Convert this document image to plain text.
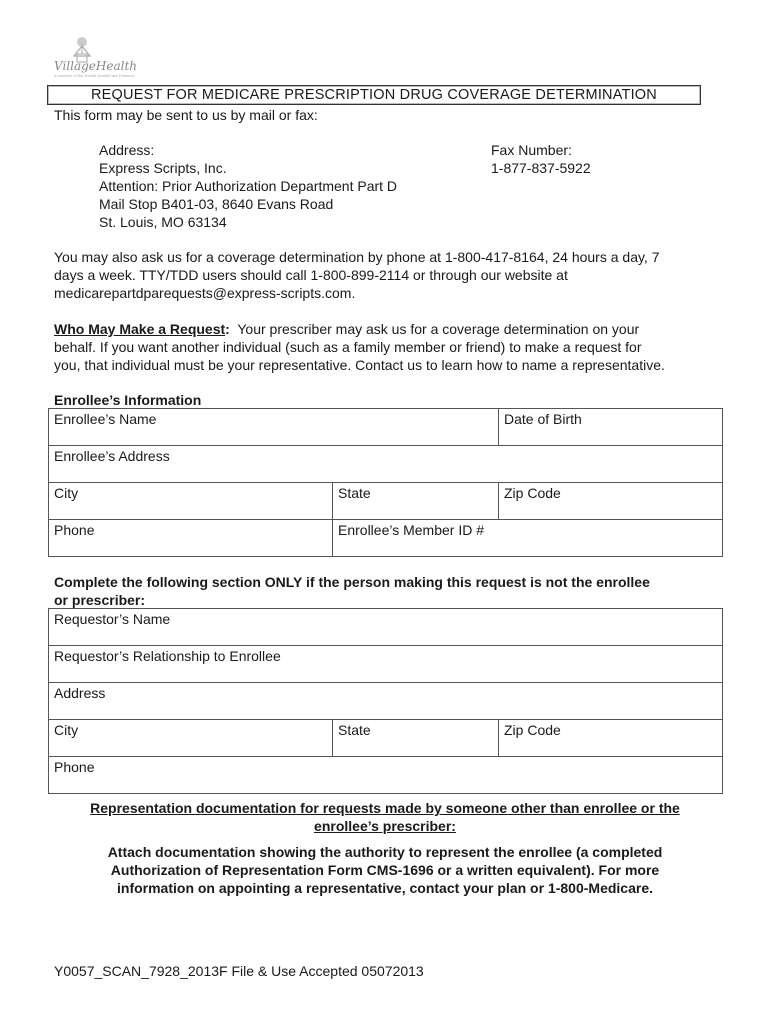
VillageHealth
A member of the DaVita HealthCare Partners
REQUEST FOR MEDICARE PRESCRIPTION DRUG COVERAGE DETERMINATION
This form may be sent to us by mail or fax:
Address:
Express Scripts, Inc.
Attention: Prior Authorization Department Part D
Mail Stop B401-03, 8640 Evans Road
St. Louis, MO 63134
Fax Number:
1-877-837-5922
You may also ask us for a coverage determination by phone at 1-800-417-8164, 24 hours a day, 7
days a week. TTY/TDD users should call 1-800-899-2114 or through our website at
medicarepartdparequests@express-scripts.com.
Who May Make a Request:  Your prescriber may ask us for a coverage determination on your
behalf. If you want another individual (such as a family member or friend) to make a request for
you, that individual must be your representative. Contact us to learn how to name a representative.
Enrollee’s Information
Enrollee’s Name		Date of Birth
Enrollee’s Address		
City	State	Zip Code
Phone	Enrollee’s Member ID #	
Complete the following section ONLY if the person making this request is not the enrollee
or prescriber:
Requestor’s Name
Requestor’s Relationship to Enrollee
Address
City	State	Zip Code
Phone
Representation documentation for requests made by someone other than enrollee or the
enrollee’s prescriber:
Attach documentation showing the authority to represent the enrollee (a completed
Authorization of Representation Form CMS-1696 or a written equivalent). For more
information on appointing a representative, contact your plan or 1-800-Medicare.
Y0057_SCAN_7928_2013F File & Use Accepted 05072013
